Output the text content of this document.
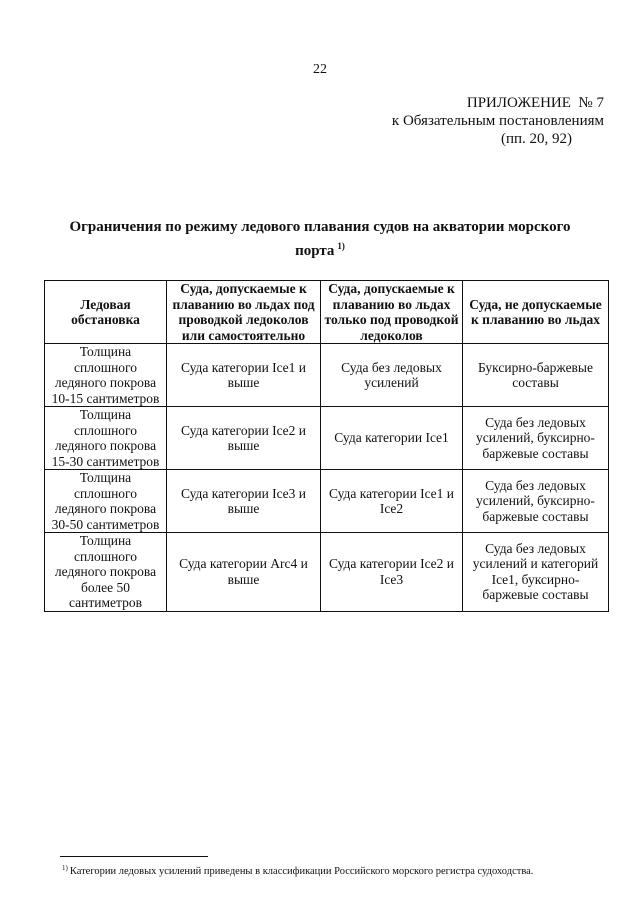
22
ПРИЛОЖЕНИЕ  № 7
к Обязательным постановлениям
(пп. 20, 92)
Ограничения по режиму ледового плавания судов на акватории морского порта $^{1)}$
Ледовая обстановка	Суда, допускаемые к плаванию во льдах под проводкой ледоколов или самостоятельно	Суда, допускаемые к плаванию во льдах только под проводкой ледоколов	Суда, не допускаемые к плаванию во льдах
Толщина сплошного ледяного покрова 10-15 сантиметров	Суда категории Ice1 и выше	Суда без ледовых усилений	Буксирно-баржевые составы
Толщина сплошного ледяного покрова 15-30 сантиметров	Суда категории Ice2 и выше	Суда категории Ice1	Суда без ледовых усилений, буксирно-баржевые составы
Толщина сплошного ледяного покрова 30-50 сантиметров	Суда категории Ice3 и выше	Суда категории Ice1 и Ice2	Суда без ледовых усилений, буксирно-баржевые составы
Толщина сплошного ледяного покрова более 50 сантиметров	Суда категории Arc4 и выше	Суда категории Ice2 и Ice3	Суда без ледовых усилений и категорий Ice1, буксирно-баржевые составы
$^{1)}$ Категории ледовых усилений приведены в классификации Российского морского регистра судоходства.
